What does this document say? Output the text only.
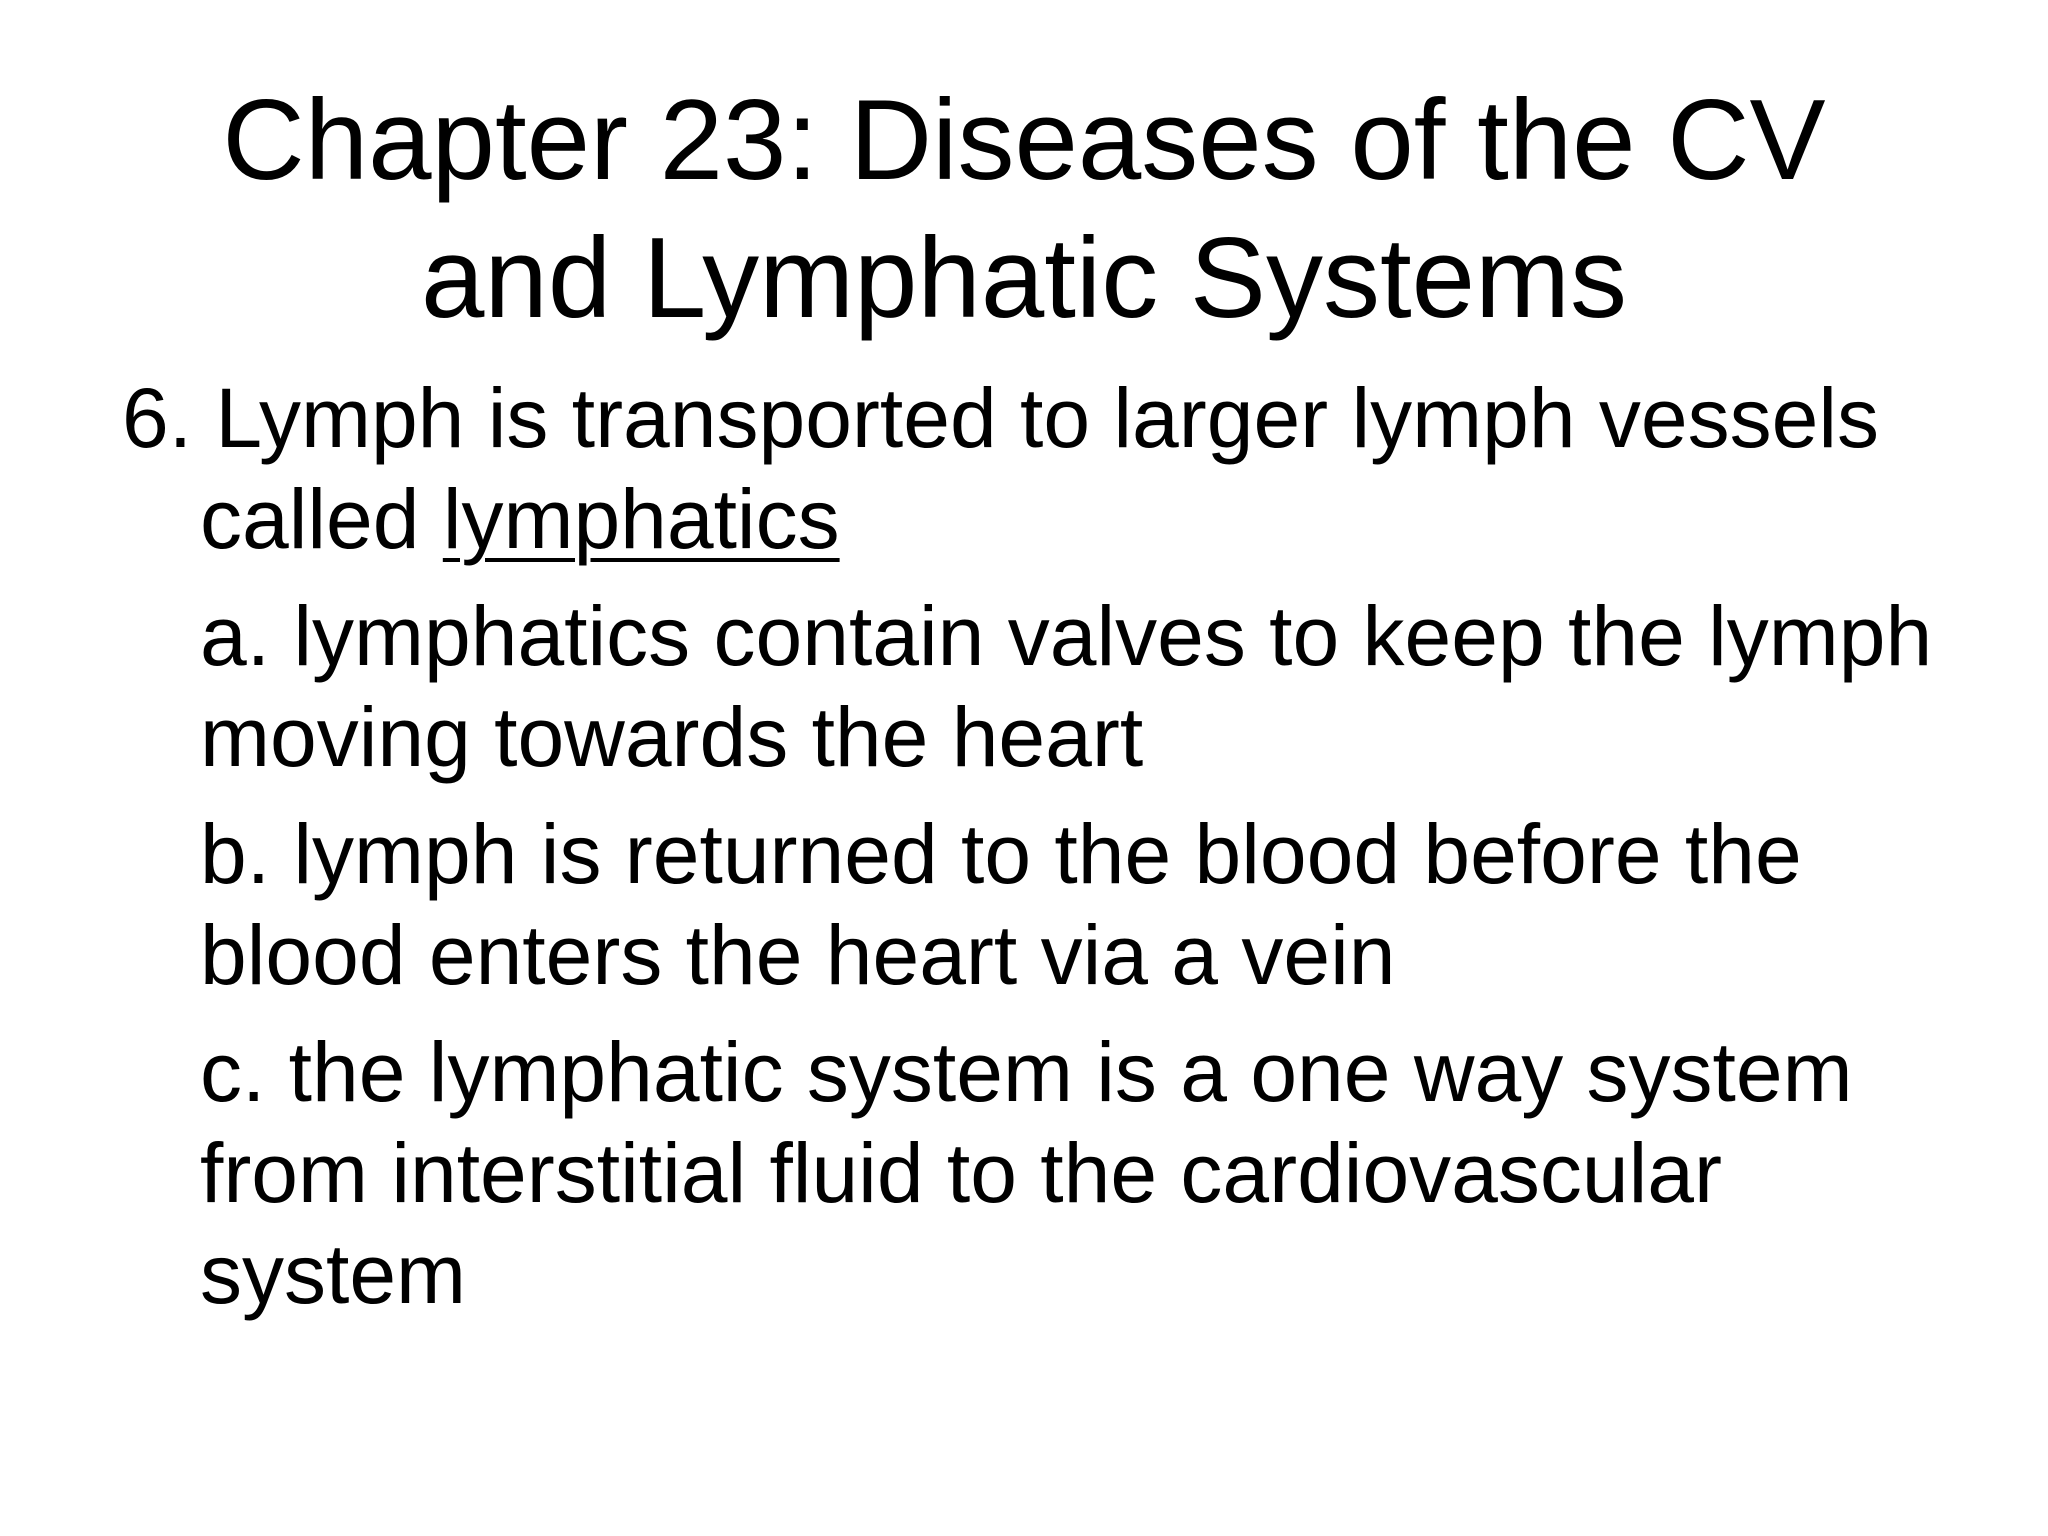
Chapter 23: Diseases of the CV
and Lymphatic Systems

6. Lymph is transported to larger lymph vessels called lymphatics

a. lymphatics contain valves to keep the lymph moving towards the heart

b. lymph is returned to the blood before the blood enters the heart via a vein

c. the lymphatic system is a one way system from interstitial fluid to the cardiovascular system
